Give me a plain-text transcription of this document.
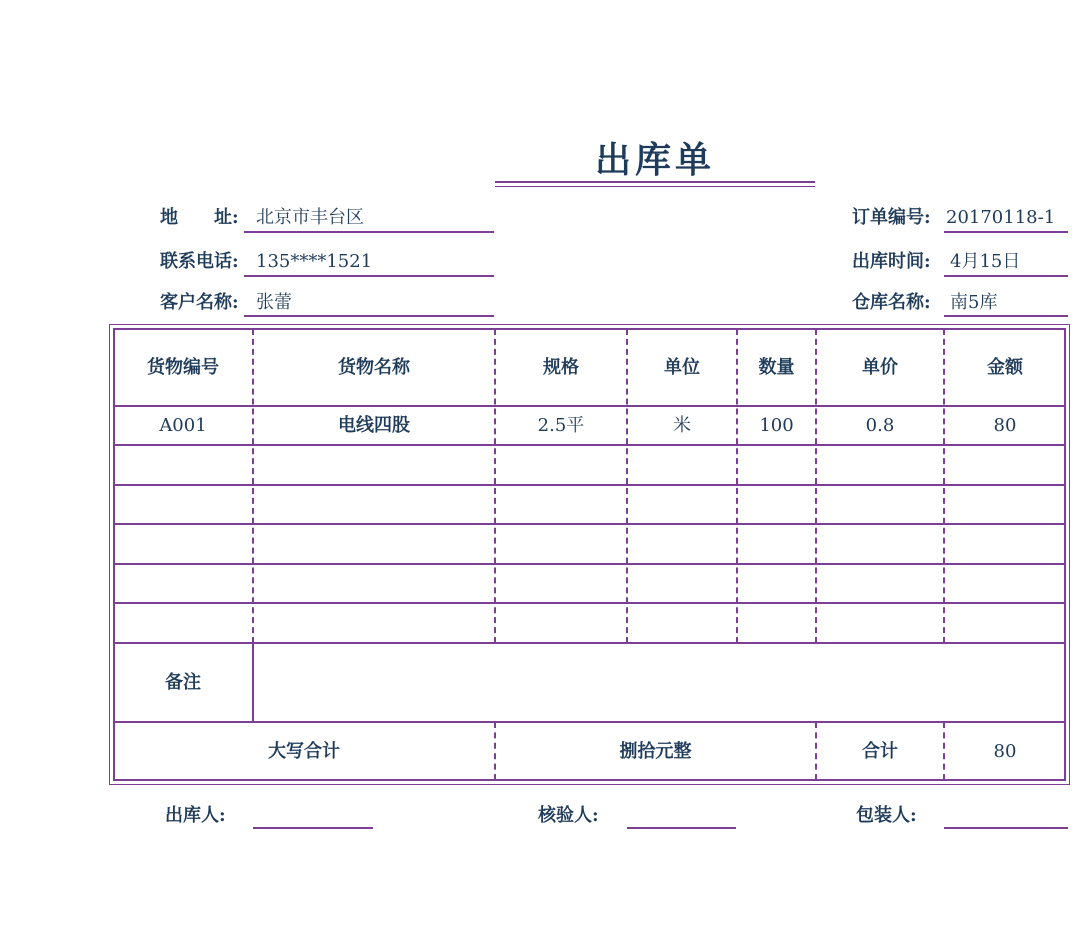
出库单
地　　址: 北京市丰台区
联系电话: 135****1521
客户名称: 张蕾
订单编号: 20170118-1
出库时间: 4月15日
仓库名称: 南5库
货物编号	货物名称	规格	单位	数量	单价	金额
A001	电线四股	2.5平	米	100	0.8	80
备注
大写合计	捌拾元整	合计	80
出库人:	核验人:	包装人:
